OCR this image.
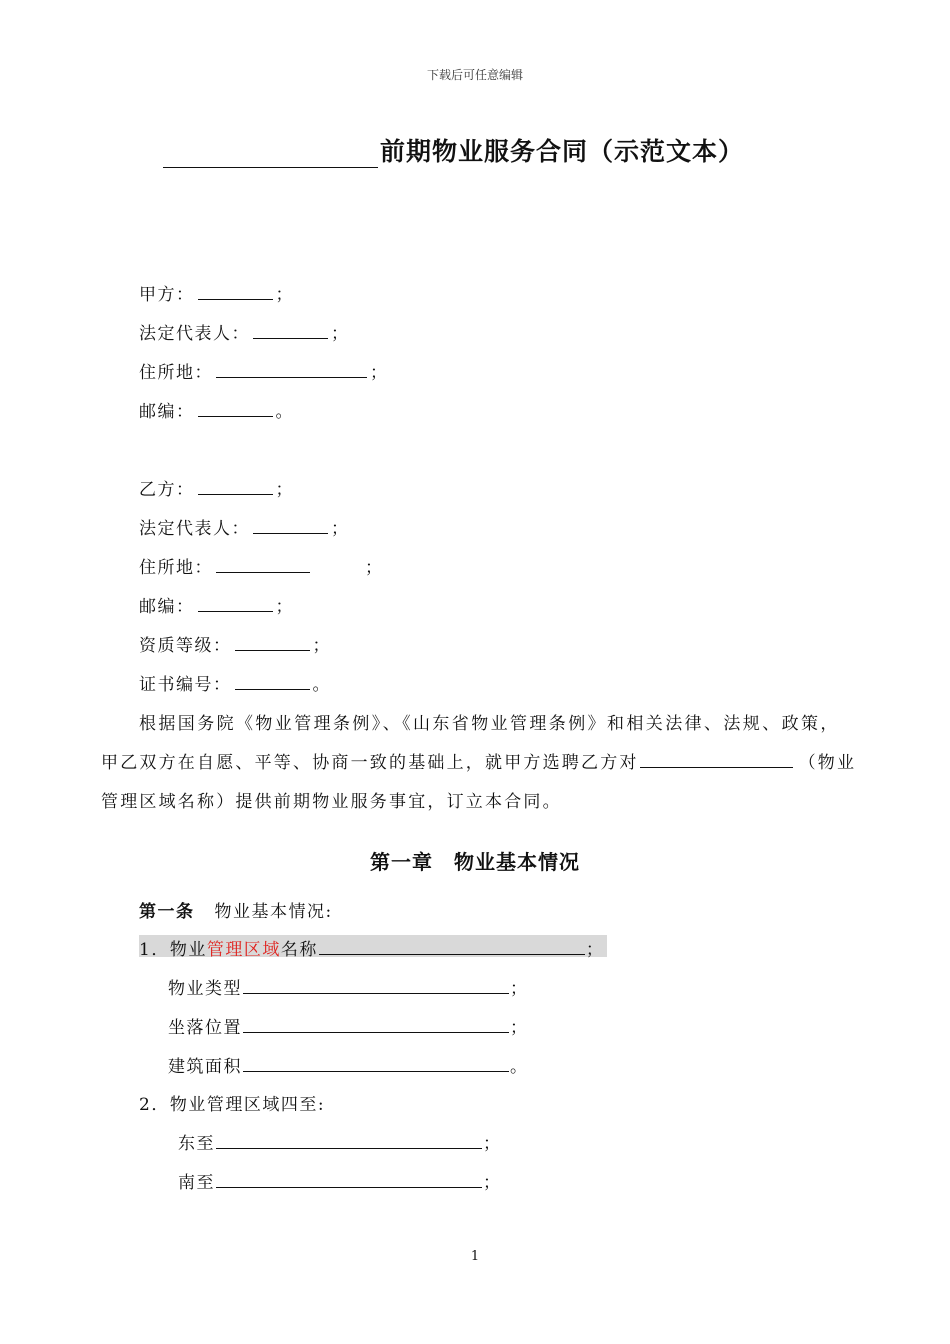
下载后可任意编辑
前期物业服务合同（示范文本）
甲方：	；
法定代表人：	；
住所地：	；
邮编：	。
乙方：	；
法定代表人：	；
住所地：	；
邮编：	；
资质等级：	；
证书编号：	。
根据国务院《物业管理条例》、《山东省物业管理条例》和相关法律、法规、政策，
甲乙双方在自愿、平等、协商一致的基础上，就甲方选聘乙方对	（物业
管理区域名称）提供前期物业服务事宜，订立本合同。
第一章　物业基本情况
第一条 物业基本情况:
1．物业管理区域名称	；
物业类型	；
坐落位置	；
建筑面积	。
2．物业管理区域四至:
东至	；
南至	；
1
